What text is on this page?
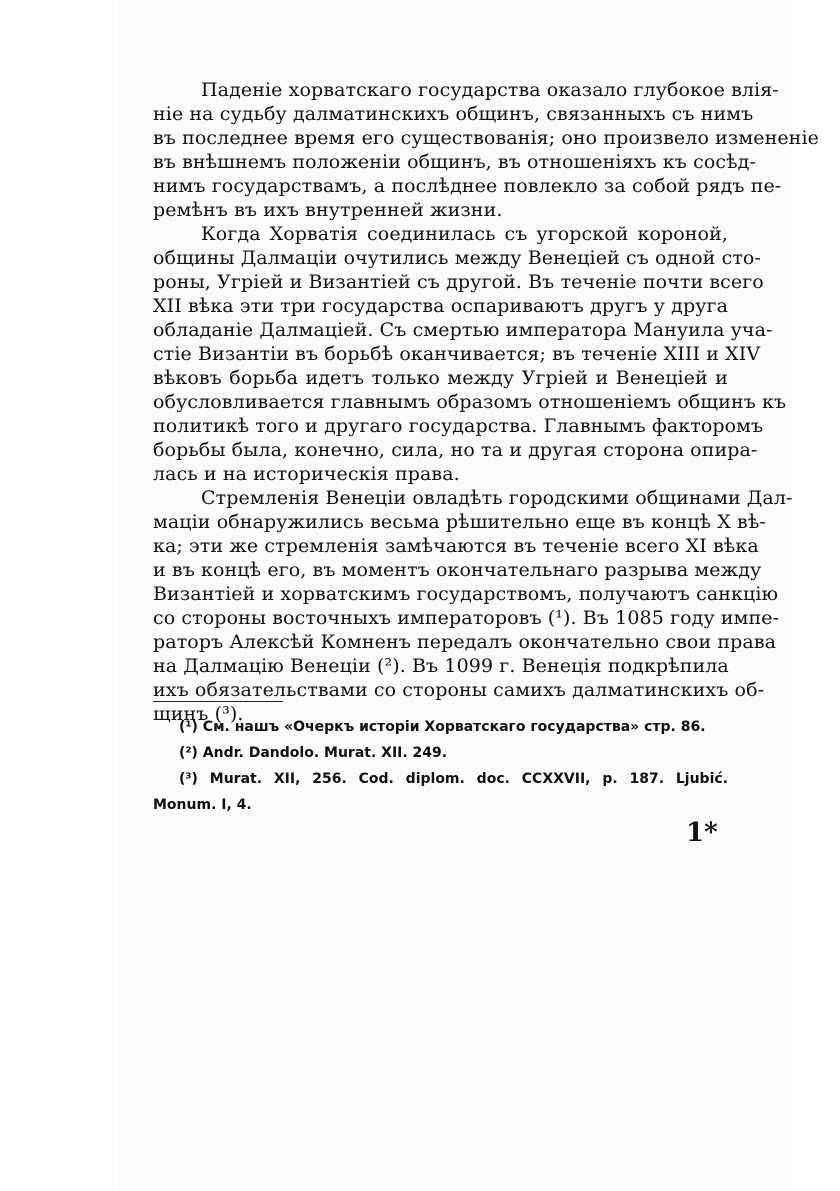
Паденіе хорватскаго государства оказало глубокое влія-
ніе на судьбу далматинскихъ общинъ, связанныхъ съ нимъ
въ последнее время его существованія; оно произвело измененіе
въ внѣшнемъ положеніи общинъ, въ отношеніяхъ къ сосѣд-
нимъ государствамъ, а послѣднее повлекло за собой рядъ пе-
ремѣнъ въ ихъ внутренней жизни.
Когда Хорватія соединилась съ угорской короной,
общины Далмаціи очутились между Венеціей съ одной сто-
роны, Угріей и Византіей съ другой. Въ теченіе почти всего
XII вѣка эти три государства оспариваютъ другъ у друга
обладаніе Далмаціей. Съ смертью императора Мануила уча-
стіе Византіи въ борьбѣ оканчивается; въ теченіе XIII и XIV
вѣковъ борьба идетъ только между Угріей и Венеціей и
обусловливается главнымъ образомъ отношеніемъ общинъ къ
политикѣ того и другаго государства. Главнымъ факторомъ
борьбы была, конечно, сила, но та и другая сторона опира-
лась и на историческія права.
Стремленія Венеціи овладѣть городскими общинами Дал-
маціи обнаружились весьма рѣшительно еще въ концѣ X вѣ-
ка; эти же стремленія замѣчаются въ теченіе всего XI вѣка
и въ концѣ его, въ моментъ окончательнаго разрыва между
Византіей и хорватскимъ государствомъ, получаютъ санкцію
со стороны восточныхъ императоровъ (¹). Въ 1085 году импе-
раторъ Алексѣй Комненъ передалъ окончательно свои права
на Далмацію Венеціи (²). Въ 1099 г. Венеція подкрѣпила
ихъ обязательствами со стороны самихъ далматинскихъ об-
щинъ (³).
(¹) См. нашъ «Очеркъ исторіи Хорватскаго государства» стр. 86.
(²) Andr. Dandolo. Murat. XII. 249.
(³) Murat. XII, 256. Cod. diplom. doc. CCXXVII, p. 187. Ljubić.
Monum. I, 4.
1*
